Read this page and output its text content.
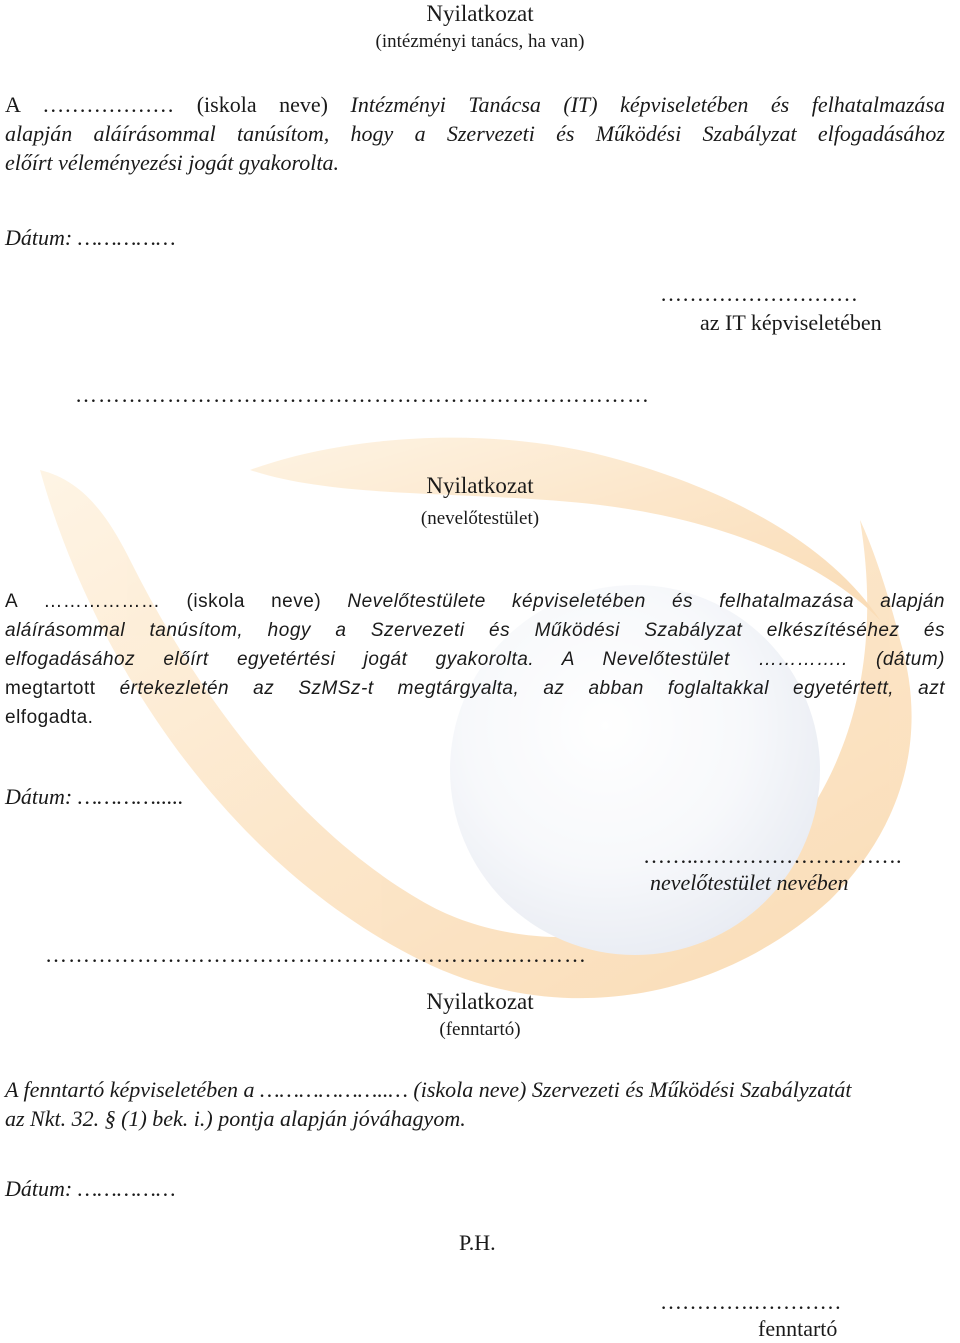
Nyilatkozat
(intézményi tanács, ha van)
A ……………… (iskola neve) Intézményi Tanácsa (IT) képviseletében és felhatalmazása
alapján aláírásommal tanúsítom, hogy a Szervezeti és Működési Szabályzat elfogadásához
előírt véleményezési jogát gyakorolta.
Dátum: ……………
………………………
az IT képviseletében
…………………………………………………………………
Nyilatkozat
(nevelőtestület)
A ……………… (iskola neve) Nevelőtestülete képviseletében és felhatalmazása alapján
aláírásommal tanúsítom, hogy a Szervezeti és Működési Szabályzat elkészítéséhez és
elfogadásához előírt egyetértési jogát gyakorolta. A Nevelőtestület ………….. (dátum)
megtartott értekezletén az SzMSz-t megtárgyalta, az abban foglaltakkal egyetértett, azt
elfogadta.
Dátum: ………….....
……..……………………….
nevelőtestület nevében
……………………………………………………..………
Nyilatkozat
(fenntartó)
A fenntartó képviseletében a ………………..… (iskola neve) Szervezeti és Működési Szabályzatát
az Nkt. 32. § (1) bek. i.) pontja alapján jóváhagyom.
Dátum: ……………
P.H.
………….…………
fenntartó
